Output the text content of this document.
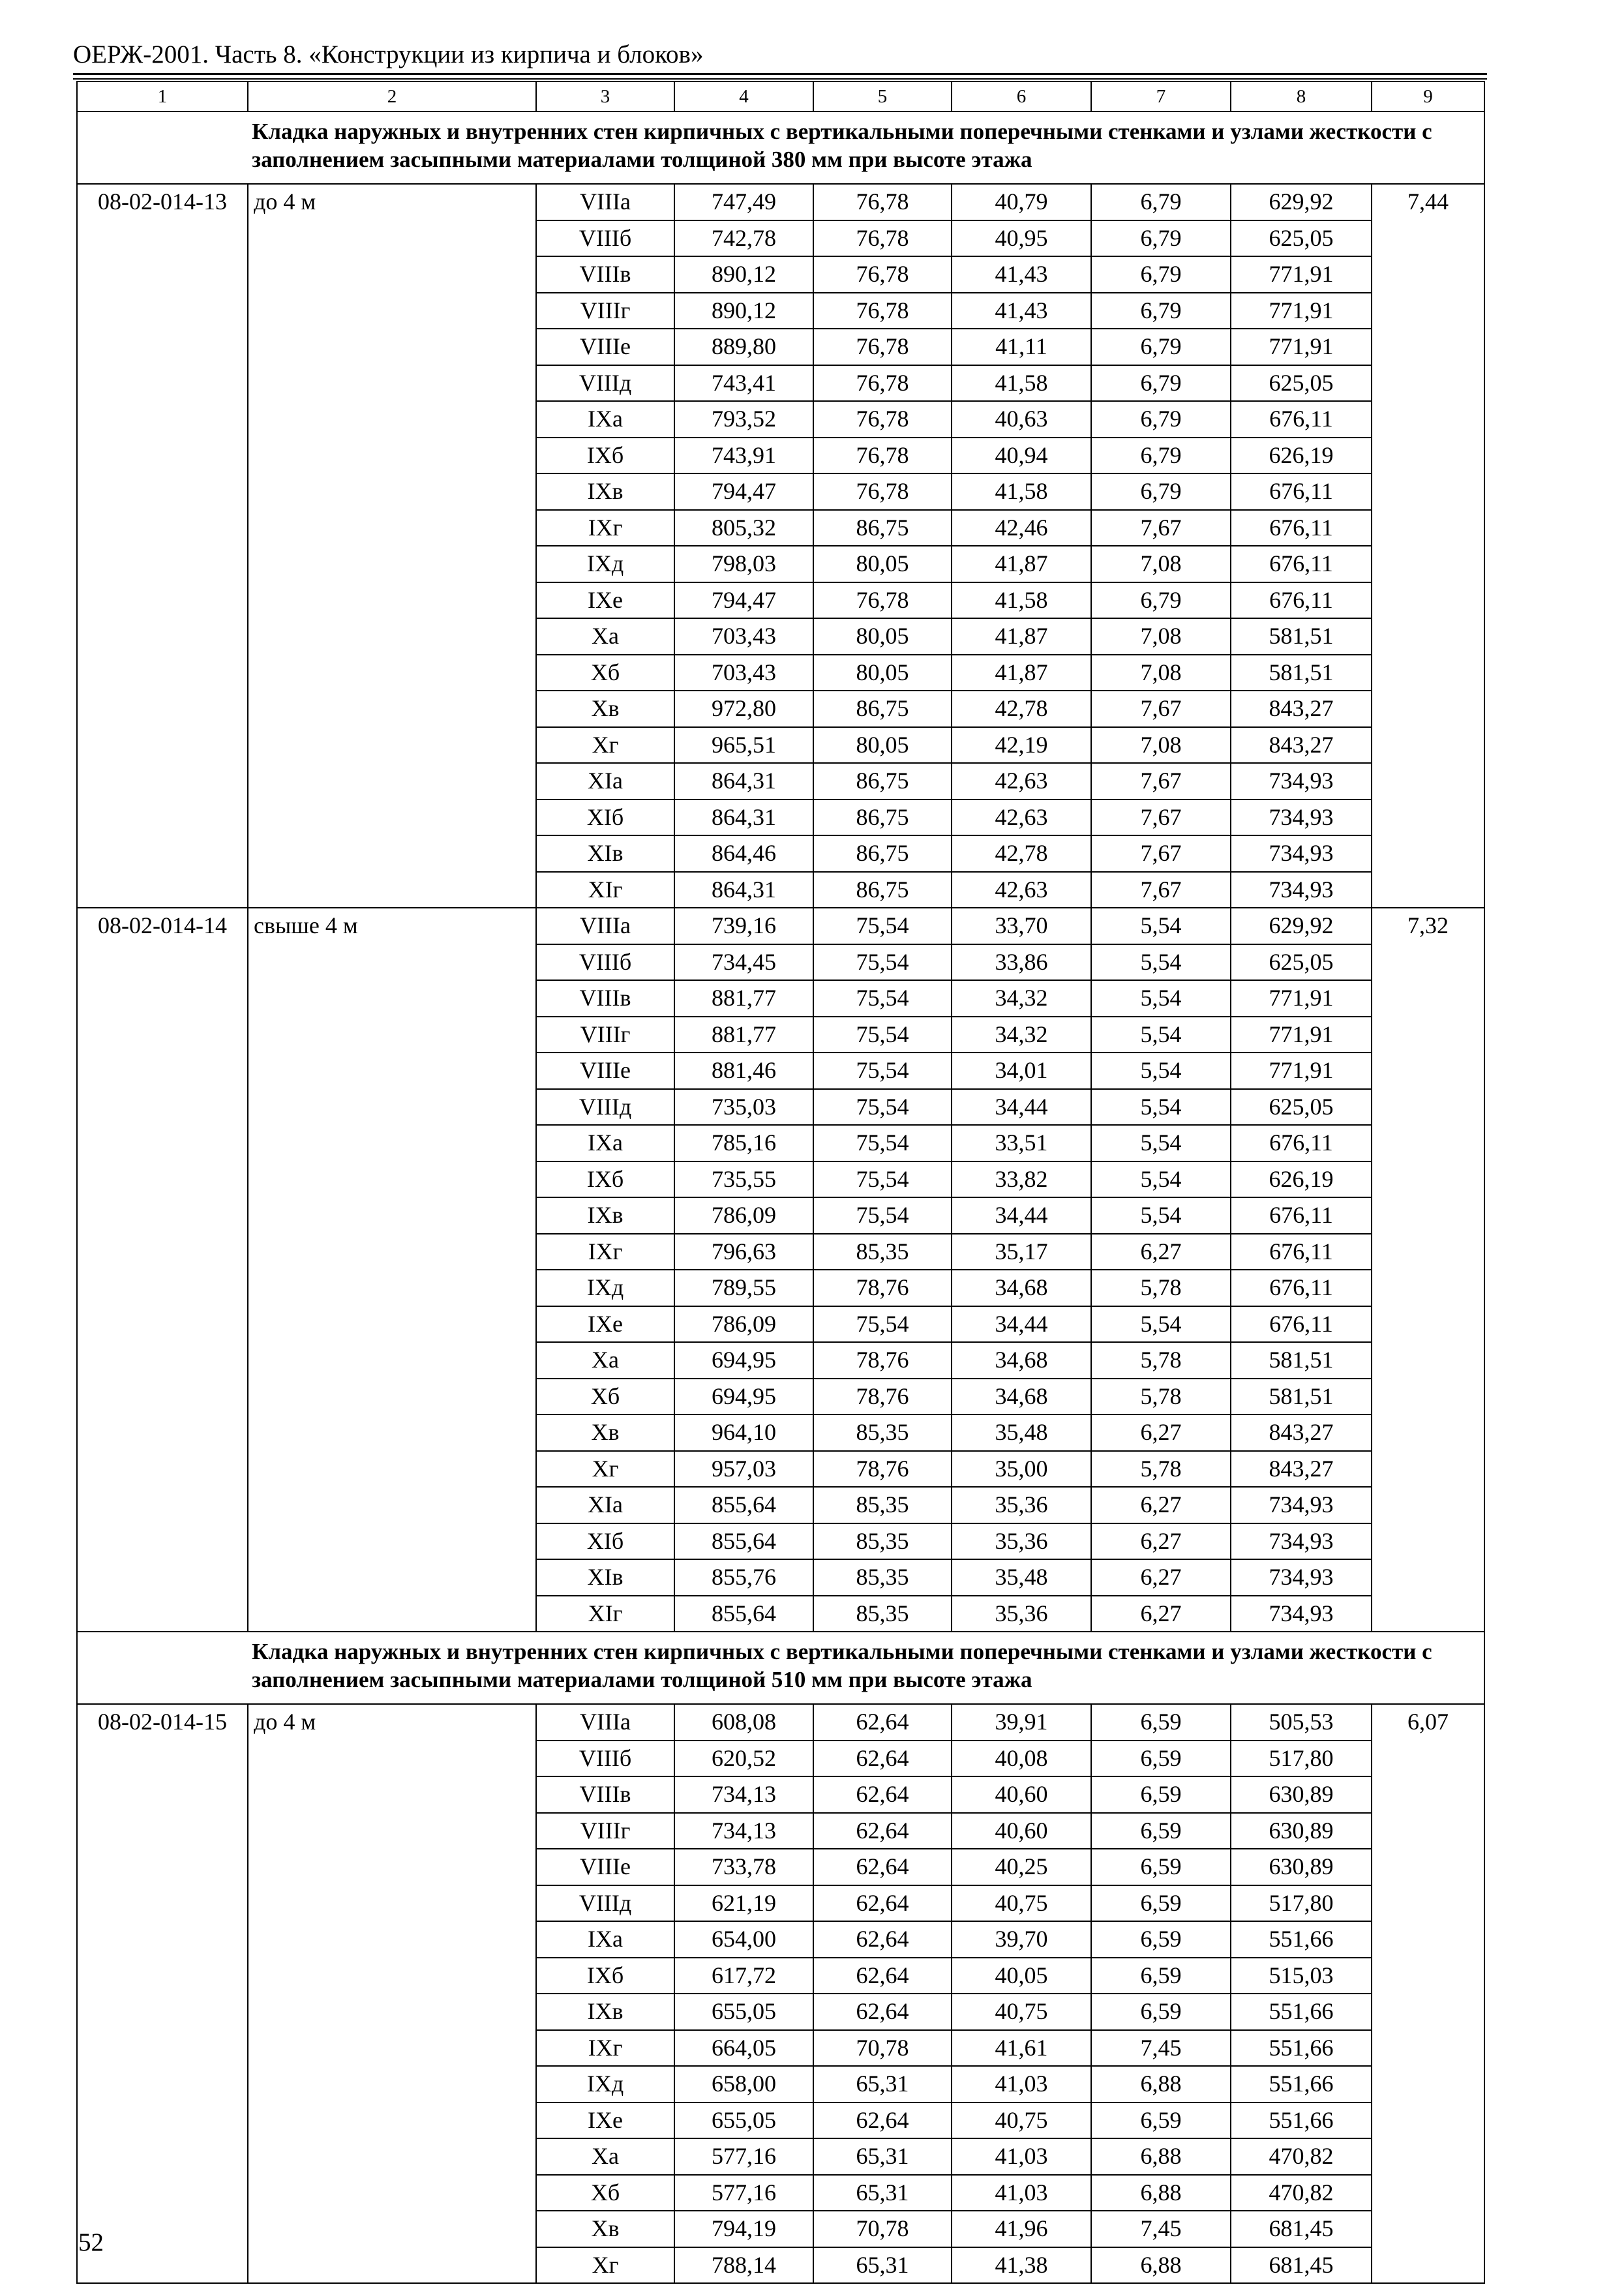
ОЕРЖ-2001. Часть 8. «Конструкции из кирпича и блоков»
1	2	3	4	5	6	7	8	9
Кладка наружных и внутренних стен кирпичных с вертикальными поперечными стенками и узлами жесткости с заполнением засыпными материалами толщиной 380 мм при высоте этажа								

08-02-014-13	до 4 м	VIIIа	747,49	76,78	40,79	6,79	629,92	7,44

		VIIIб	742,78	76,78	40,95	6,79	625,05	

		VIIIв	890,12	76,78	41,43	6,79	771,91	

		VIIIг	890,12	76,78	41,43	6,79	771,91	

		VIIIе	889,80	76,78	41,11	6,79	771,91	

		VIIIд	743,41	76,78	41,58	6,79	625,05	

		IXа	793,52	76,78	40,63	6,79	676,11	

		IXб	743,91	76,78	40,94	6,79	626,19	

		IXв	794,47	76,78	41,58	6,79	676,11	

		IXг	805,32	86,75	42,46	7,67	676,11	

		IXд	798,03	80,05	41,87	7,08	676,11	

		IXе	794,47	76,78	41,58	6,79	676,11	

		Xа	703,43	80,05	41,87	7,08	581,51	

		Xб	703,43	80,05	41,87	7,08	581,51	

		Xв	972,80	86,75	42,78	7,67	843,27	

		Xг	965,51	80,05	42,19	7,08	843,27	

		XIа	864,31	86,75	42,63	7,67	734,93	

		XIб	864,31	86,75	42,63	7,67	734,93	

		XIв	864,46	86,75	42,78	7,67	734,93	

		XIг	864,31	86,75	42,63	7,67	734,93	

08-02-014-14	свыше 4 м	VIIIа	739,16	75,54	33,70	5,54	629,92	7,32

		VIIIб	734,45	75,54	33,86	5,54	625,05	

		VIIIв	881,77	75,54	34,32	5,54	771,91	

		VIIIг	881,77	75,54	34,32	5,54	771,91	

		VIIIе	881,46	75,54	34,01	5,54	771,91	

		VIIIд	735,03	75,54	34,44	5,54	625,05	

		IXа	785,16	75,54	33,51	5,54	676,11	

		IXб	735,55	75,54	33,82	5,54	626,19	

		IXв	786,09	75,54	34,44	5,54	676,11	

		IXг	796,63	85,35	35,17	6,27	676,11	

		IXд	789,55	78,76	34,68	5,78	676,11	

		IXе	786,09	75,54	34,44	5,54	676,11	

		Xа	694,95	78,76	34,68	5,78	581,51	

		Xб	694,95	78,76	34,68	5,78	581,51	

		Xв	964,10	85,35	35,48	6,27	843,27	

		Xг	957,03	78,76	35,00	5,78	843,27	

		XIа	855,64	85,35	35,36	6,27	734,93	

		XIб	855,64	85,35	35,36	6,27	734,93	

		XIв	855,76	85,35	35,48	6,27	734,93	

		XIг	855,64	85,35	35,36	6,27	734,93	

Кладка наружных и внутренних стен кирпичных с вертикальными поперечными стенками и узлами жесткости с заполнением засыпными материалами толщиной 510 мм при высоте этажа								

08-02-014-15	до 4 м	VIIIа	608,08	62,64	39,91	6,59	505,53	6,07

		VIIIб	620,52	62,64	40,08	6,59	517,80	

		VIIIв	734,13	62,64	40,60	6,59	630,89	

		VIIIг	734,13	62,64	40,60	6,59	630,89	

		VIIIе	733,78	62,64	40,25	6,59	630,89	

		VIIIд	621,19	62,64	40,75	6,59	517,80	

		IXа	654,00	62,64	39,70	6,59	551,66	

		IXб	617,72	62,64	40,05	6,59	515,03	

		IXв	655,05	62,64	40,75	6,59	551,66	

		IXг	664,05	70,78	41,61	7,45	551,66	

		IXд	658,00	65,31	41,03	6,88	551,66	

		IXе	655,05	62,64	40,75	6,59	551,66	

		Xа	577,16	65,31	41,03	6,88	470,82	

		Xб	577,16	65,31	41,03	6,88	470,82	

		Xв	794,19	70,78	41,96	7,45	681,45	

		Xг	788,14	65,31	41,38	6,88	681,45	
52
